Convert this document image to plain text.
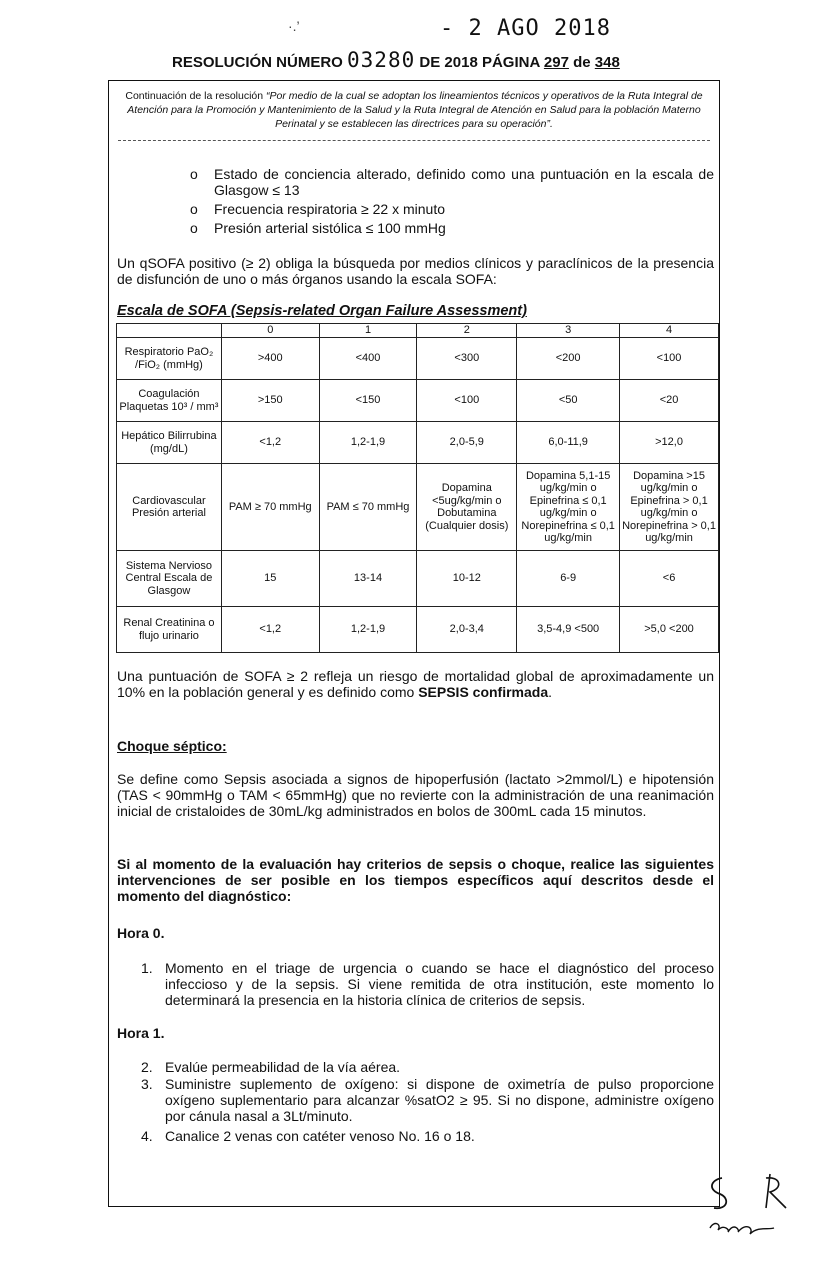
·.’	- 2 AGO 2018
RESOLUCIÓN NÚMERO 03280 DE 2018 PÁGINA 297 de 348
Continuación de la resolución “Por medio de la cual se adoptan los lineamientos técnicos y operativos de la Ruta Integral de Atención para la Promoción y Mantenimiento de la Salud y la Ruta Integral de Atención en Salud para la población Materno Perinatal y se establecen las directrices para su operación”.
o Estado de conciencia alterado, definido como una puntuación en la escala de Glasgow ≤ 13
o Frecuencia respiratoria ≥ 22 x minuto
o Presión arterial sistólica ≤ 100 mmHg
Un qSOFA positivo (≥ 2) obliga la búsqueda por medios clínicos y paraclínicos de la presencia de disfunción de uno o más órganos usando la escala SOFA:
Escala de SOFA (Sepsis-related Organ Failure Assessment)
	0	1	2	3	4
Respiratorio PaO₂ /FiO₂ (mmHg)	>400	<400	<300	<200	<100
Coagulación Plaquetas 10³ / mm³	>150	<150	<100	<50	<20
Hepático Bilirrubina (mg/dL)	<1,2	1,2-1,9	2,0-5,9	6,0-11,9	>12,0
Cardiovascular Presión arterial	PAM ≥ 70 mmHg	PAM ≤ 70 mmHg	Dopamina <5ug/kg/min o Dobutamina (Cualquier dosis)	Dopamina 5,1-15 ug/kg/min o Epinefrina ≤ 0,1 ug/kg/min o Norepinefrina ≤ 0,1 ug/kg/min	Dopamina >15 ug/kg/min o Epinefrina > 0,1 ug/kg/min o Norepinefrina > 0,1 ug/kg/min
Sistema Nervioso Central Escala de Glasgow	15	13-14	10-12	6-9	<6
Renal Creatinina o flujo urinario	<1,2	1,2-1,9	2,0-3,4	3,5-4,9 <500	>5,0 <200
Una puntuación de SOFA ≥ 2 refleja un riesgo de mortalidad global de aproximadamente un 10% en la población general y es definido como SEPSIS confirmada.
Choque séptico:
Se define como Sepsis asociada a signos de hipoperfusión (lactato >2mmol/L) e hipotensión (TAS < 90mmHg o TAM < 65mmHg) que no revierte con la administración de una reanimación inicial de cristaloides de 30mL/kg administrados en bolos de 300mL cada 15 minutos.
Si al momento de la evaluación hay criterios de sepsis o choque, realice las siguientes intervenciones de ser posible en los tiempos específicos aquí descritos desde el momento del diagnóstico:
Hora 0.
1. Momento en el triage de urgencia o cuando se hace el diagnóstico del proceso infeccioso y de la sepsis. Si viene remitida de otra institución, este momento lo determinará la presencia en la historia clínica de criterios de sepsis.
Hora 1.
2. Evalúe permeabilidad de la vía aérea.
3. Suministre suplemento de oxígeno: si dispone de oximetría de pulso proporcione oxígeno suplementario para alcanzar %satO2 ≥ 95. Si no dispone, administre oxígeno por cánula nasal a 3Lt/minuto.
4. Canalice 2 venas con catéter venoso No. 16 o 18.
